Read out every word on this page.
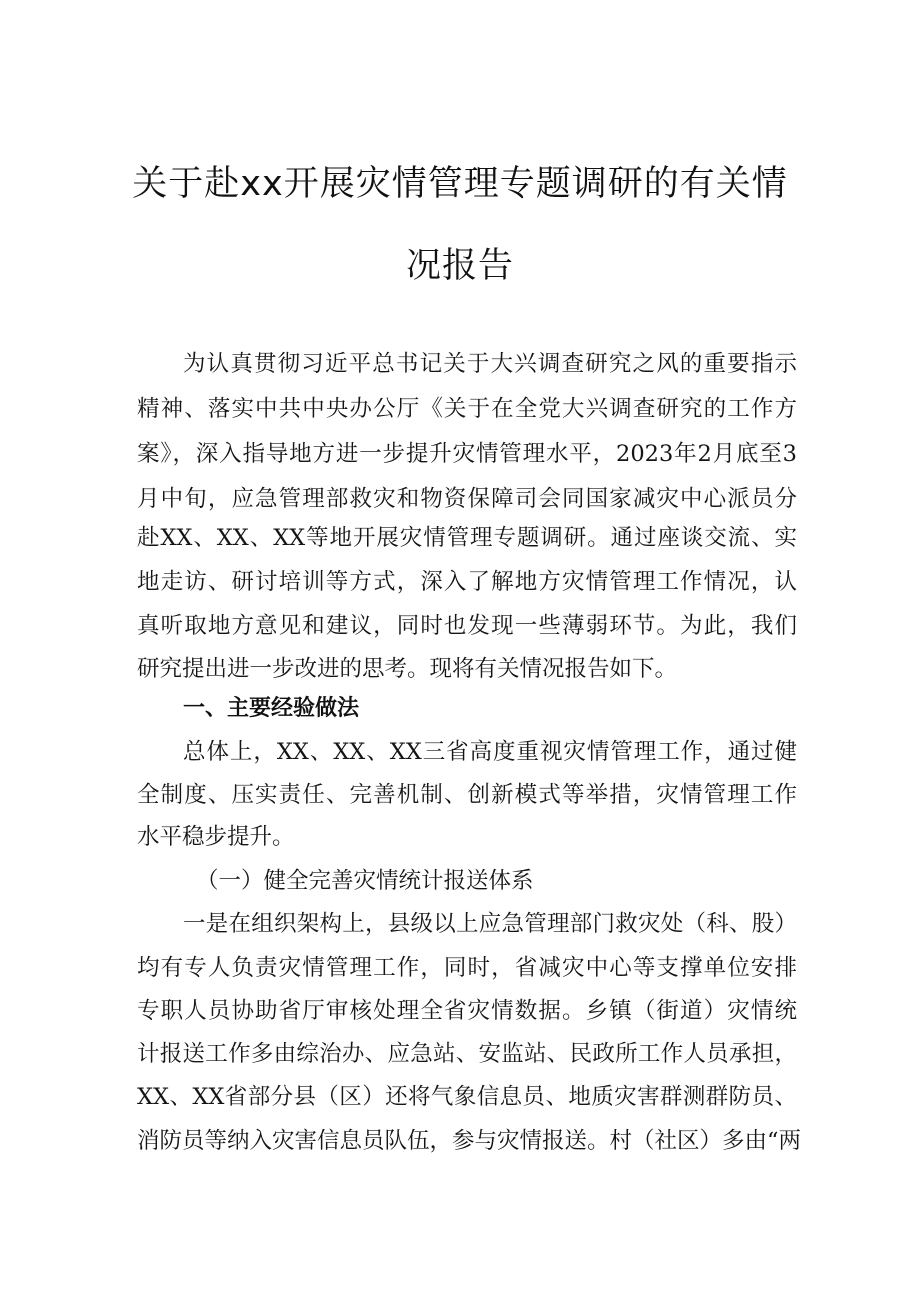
关于赴xx开展灾情管理专题调研的有关情
况报告
为认真贯彻习近平总书记关于大兴调查研究之风的重要指示
精神、落实中共中央办公厅《关于在全党大兴调查研究的工作方
案》，深入指导地方进一步提升灾情管理水平，2023年2月底至3
月中旬，应急管理部救灾和物资保障司会同国家减灾中心派员分
赴XX、XX、XX等地开展灾情管理专题调研。通过座谈交流、实
地走访、研讨培训等方式，深入了解地方灾情管理工作情况，认
真听取地方意见和建议，同时也发现一些薄弱环节。为此，我们
研究提出进一步改进的思考。现将有关情况报告如下。
一、主要经验做法
总体上，XX、XX、XX三省高度重视灾情管理工作，通过健
全制度、压实责任、完善机制、创新模式等举措，灾情管理工作
水平稳步提升。
（一）健全完善灾情统计报送体系
一是在组织架构上，县级以上应急管理部门救灾处（科、股）
均有专人负责灾情管理工作，同时，省减灾中心等支撑单位安排
专职人员协助省厅审核处理全省灾情数据。乡镇（街道）灾情统
计报送工作多由综治办、应急站、安监站、民政所工作人员承担，
XX、XX省部分县（区）还将气象信息员、地质灾害群测群防员、
消防员等纳入灾害信息员队伍，参与灾情报送。村（社区）多由“两
